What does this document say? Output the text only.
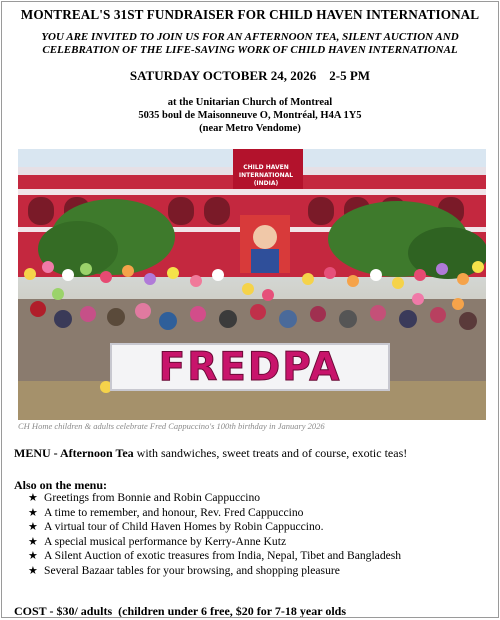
MONTREAL'S 31ST FUNDRAISER FOR CHILD HAVEN INTERNATIONAL
YOU ARE INVITED TO JOIN US FOR AN AFTERNOON TEA, SILENT AUCTION AND
CELEBRATION OF THE LIFE-SAVING WORK OF CHILD HAVEN INTERNATIONAL
SATURDAY OCTOBER 24, 2026    2-5 PM
at the Unitarian Church of Montreal
5035 boul de Maisonneuve O, Montréal, H4A 1Y5
(near Metro Vendome)
CHILD HAVEN
INTERNATIONAL (INDIA)
FREDPA
CH Home children & adults celebrate Fred Cappuccino's 100th birthday in January 2026
MENU - Afternoon Tea with sandwiches, sweet treats and of course, exotic teas!
Also on the menu:
★ Greetings from Bonnie and Robin Cappuccino
★ A time to remember, and honour, Rev. Fred Cappuccino
★ A virtual tour of Child Haven Homes by Robin Cappuccino.
★ A special musical performance by Kerry-Anne Kutz
★ A Silent Auction of exotic treasures from India, Nepal, Tibet and Bangladesh
★ Several Bazaar tables for your browsing, and shopping pleasure
COST - $30/ adults  (children under 6 free, $20 for 7-18 year olds
